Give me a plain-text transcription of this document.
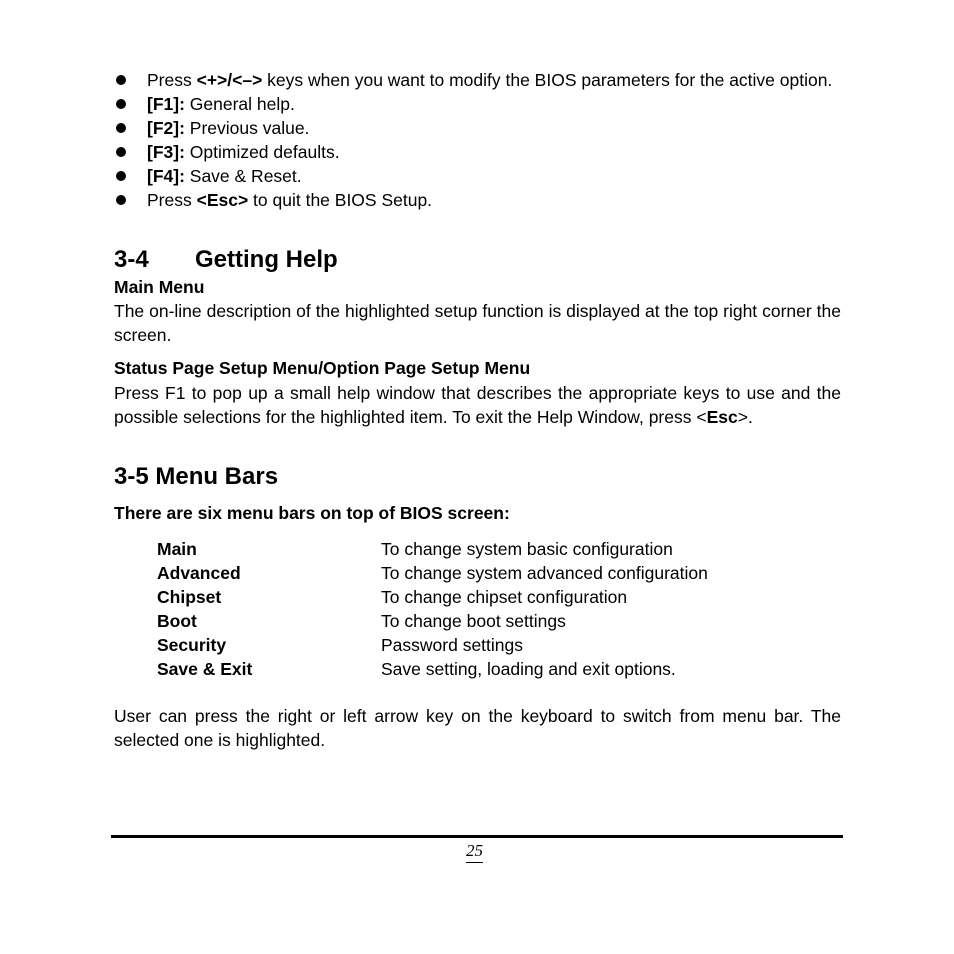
Press <+>/<–> keys when you want to modify the BIOS parameters for the active option.
[F1]: General help.
[F2]: Previous value.
[F3]: Optimized defaults.
[F4]: Save & Reset.
Press <Esc> to quit the BIOS Setup.
3-4 Getting Help
Main Menu
The on-line description of the highlighted setup function is displayed at the top right corner the screen.
Status Page Setup Menu/Option Page Setup Menu
Press F1 to pop up a small help window that describes the appropriate keys to use and the possible selections for the highlighted item. To exit the Help Window, press <Esc>.
3-5 Menu Bars
There are six menu bars on top of BIOS screen:
Main	To change system basic configuration
Advanced	To change system advanced configuration
Chipset	To change chipset configuration
Boot	To change boot settings
Security	Password settings
Save & Exit	Save setting, loading and exit options.
User can press the right or left arrow key on the keyboard to switch from menu bar. The selected one is highlighted.
25
